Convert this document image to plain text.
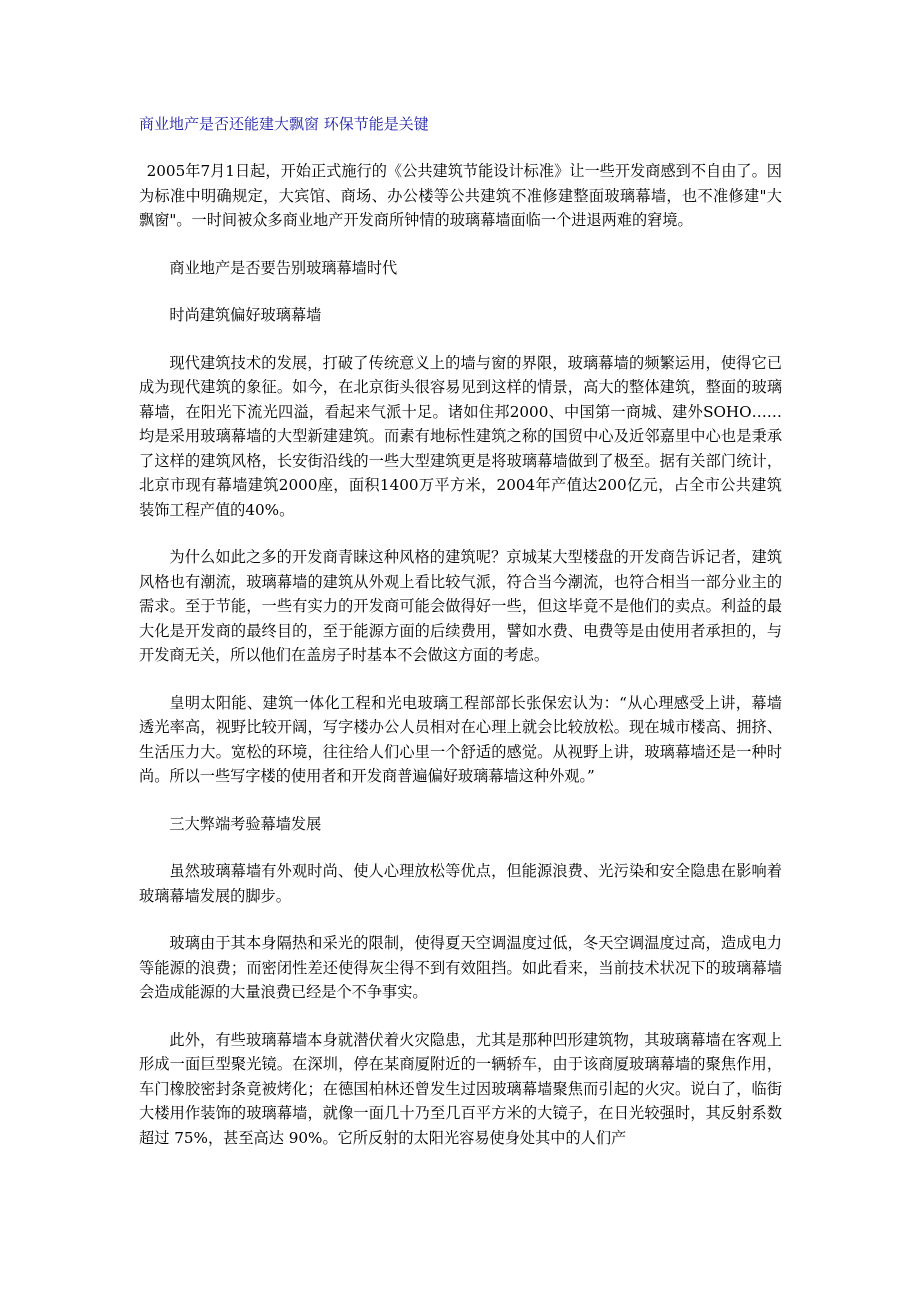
商业地产是否还能建大飘窗 环保节能是关键

2005年7月1日起，开始正式施行的《公共建筑节能设计标准》让一些开发商感到不自由了。因为标准中明确规定，大宾馆、商场、办公楼等公共建筑不准修建整面玻璃幕墙，也不准修建"大飘窗"。一时间被众多商业地产开发商所钟情的玻璃幕墙面临一个进退两难的窘境。

商业地产是否要告别玻璃幕墙时代

时尚建筑偏好玻璃幕墙

现代建筑技术的发展，打破了传统意义上的墙与窗的界限，玻璃幕墙的频繁运用，使得它已成为现代建筑的象征。如今，在北京街头很容易见到这样的情景，高大的整体建筑，整面的玻璃幕墙，在阳光下流光四溢，看起来气派十足。诸如住邦2000、中国第一商城、建外SOHO……均是采用玻璃幕墙的大型新建建筑。而素有地标性建筑之称的国贸中心及近邻嘉里中心也是秉承了这样的建筑风格，长安街沿线的一些大型建筑更是将玻璃幕墙做到了极至。据有关部门统计，北京市现有幕墙建筑2000座，面积1400万平方米，2004年产值达200亿元，占全市公共建筑装饰工程产值的40%。

为什么如此之多的开发商青睐这种风格的建筑呢？京城某大型楼盘的开发商告诉记者，建筑风格也有潮流，玻璃幕墙的建筑从外观上看比较气派，符合当今潮流，也符合相当一部分业主的需求。至于节能，一些有实力的开发商可能会做得好一些，但这毕竟不是他们的卖点。利益的最大化是开发商的最终目的，至于能源方面的后续费用，譬如水费、电费等是由使用者承担的，与开发商无关，所以他们在盖房子时基本不会做这方面的考虑。

皇明太阳能、建筑一体化工程和光电玻璃工程部部长张保宏认为：“从心理感受上讲，幕墙透光率高，视野比较开阔，写字楼办公人员相对在心理上就会比较放松。现在城市楼高、拥挤、生活压力大。宽松的环境，往往给人们心里一个舒适的感觉。从视野上讲，玻璃幕墙还是一种时尚。所以一些写字楼的使用者和开发商普遍偏好玻璃幕墙这种外观。”

三大弊端考验幕墙发展

虽然玻璃幕墙有外观时尚、使人心理放松等优点，但能源浪费、光污染和安全隐患在影响着玻璃幕墙发展的脚步。

玻璃由于其本身隔热和采光的限制，使得夏天空调温度过低，冬天空调温度过高，造成电力等能源的浪费；而密闭性差还使得灰尘得不到有效阻挡。如此看来，当前技术状况下的玻璃幕墙会造成能源的大量浪费已经是个不争事实。

此外，有些玻璃幕墙本身就潜伏着火灾隐患，尤其是那种凹形建筑物，其玻璃幕墙在客观上形成一面巨型聚光镜。在深圳，停在某商厦附近的一辆轿车，由于该商厦玻璃幕墙的聚焦作用，车门橡胶密封条竟被烤化；在德国柏林还曾发生过因玻璃幕墙聚焦而引起的火灾。说白了，临街大楼用作装饰的玻璃幕墙，就像一面几十乃至几百平方米的大镜子，在日光较强时，其反射系数超过 75%，甚至高达 90%。它所反射的太阳光容易使身处其中的人们产
